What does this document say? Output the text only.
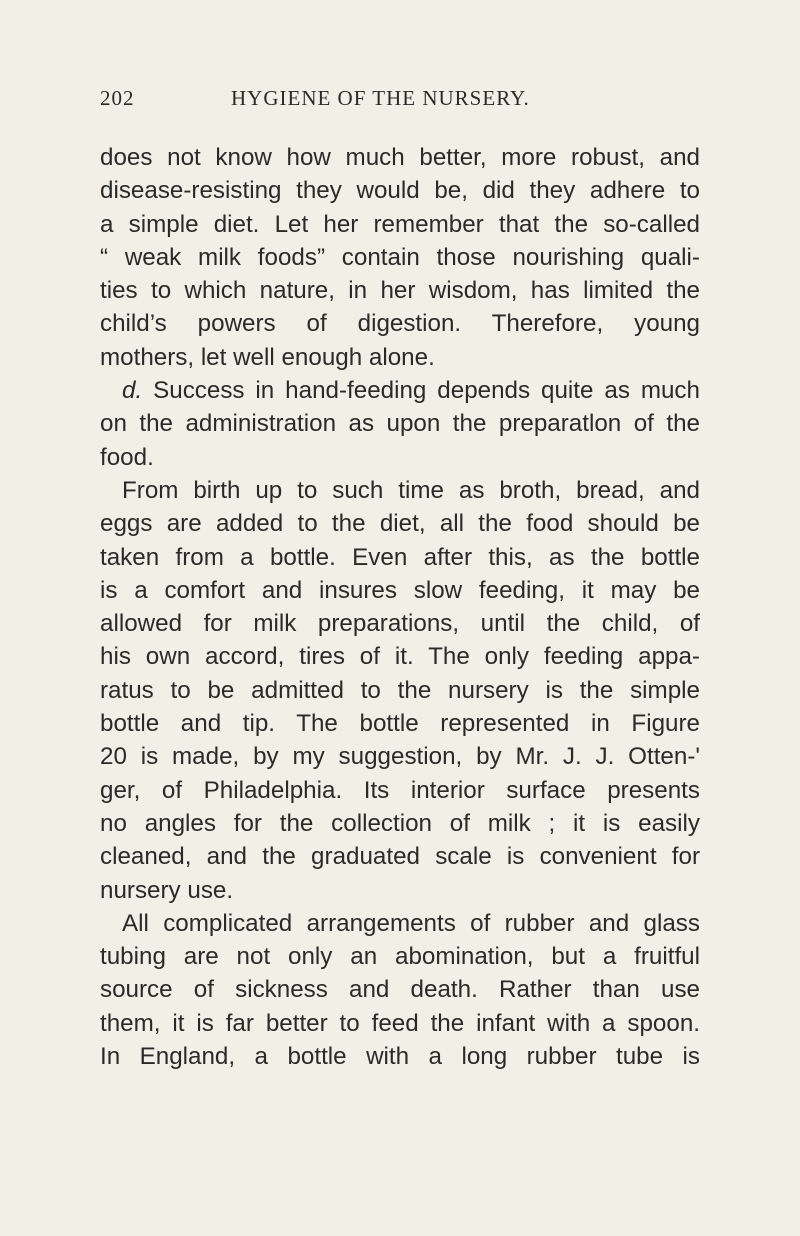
202	HYGIENE OF THE NURSERY.
does not know how much better, more robust, and
disease-resisting they would be, did they adhere to
a simple diet. Let her remember that the so-called
“ weak milk foods” contain those nourishing quali-
ties to which nature, in her wisdom, has limited the
child’s powers of digestion. Therefore, young
mothers, let well enough alone.
d. Success in hand-feeding depends quite as much
on the administration as upon the preparatlon of the
food.
From birth up to such time as broth, bread, and
eggs are added to the diet, all the food should be
taken from a bottle. Even after this, as the bottle
is a comfort and insures slow feeding, it may be
allowed for milk preparations, until the child, of
his own accord, tires of it. The only feeding appa-
ratus to be admitted to the nursery is the simple
bottle and tip. The bottle represented in Figure
20 is made, by my suggestion, by Mr. J. J. Otten-'
ger, of Philadelphia. Its interior surface presents
no angles for the collection of milk ; it is easily
cleaned, and the graduated scale is convenient for
nursery use.
All complicated arrangements of rubber and glass
tubing are not only an abomination, but a fruitful
source of sickness and death. Rather than use
them, it is far better to feed the infant with a spoon.
In England, a bottle with a long rubber tube is
